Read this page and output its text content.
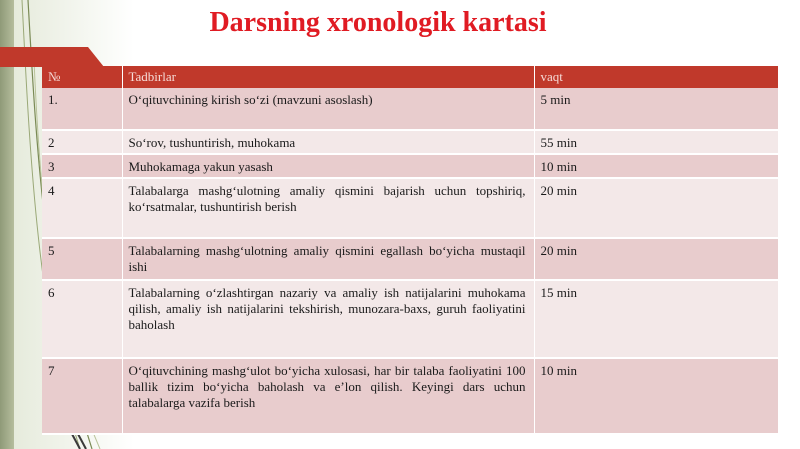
Darsning xronologik kartasi
№	Tadbirlar	vaqt
1.	O‘qituvchining kirish so‘zi (mavzuni asoslash)	5 min
2	So‘rov, tushuntirish, muhokama	55 min
3	Muhokamaga yakun yasash	10 min
4	Talabalarga mashg‘ulotning amaliy qismini bajarish uchun topshiriq, ko‘rsatmalar, tushuntirish berish	20 min
5	Talabalarning mashg‘ulotning amaliy qismini egallash bo‘yicha mustaqil ishi	20 min
6	Talabalarning o‘zlashtirgan nazariy va amaliy ish natijalarini muhokama qilish, amaliy ish natijalarini tekshirish, munozara-baxs, guruh faoliyatini baholash	15 min
7	O‘qituvchining mashg‘ulot bo‘yicha xulosasi, har bir talaba faoliyatini 100 ballik tizim bo‘yicha baholash va e’lon qilish. Keyingi dars uchun talabalarga vazifa berish	10 min
